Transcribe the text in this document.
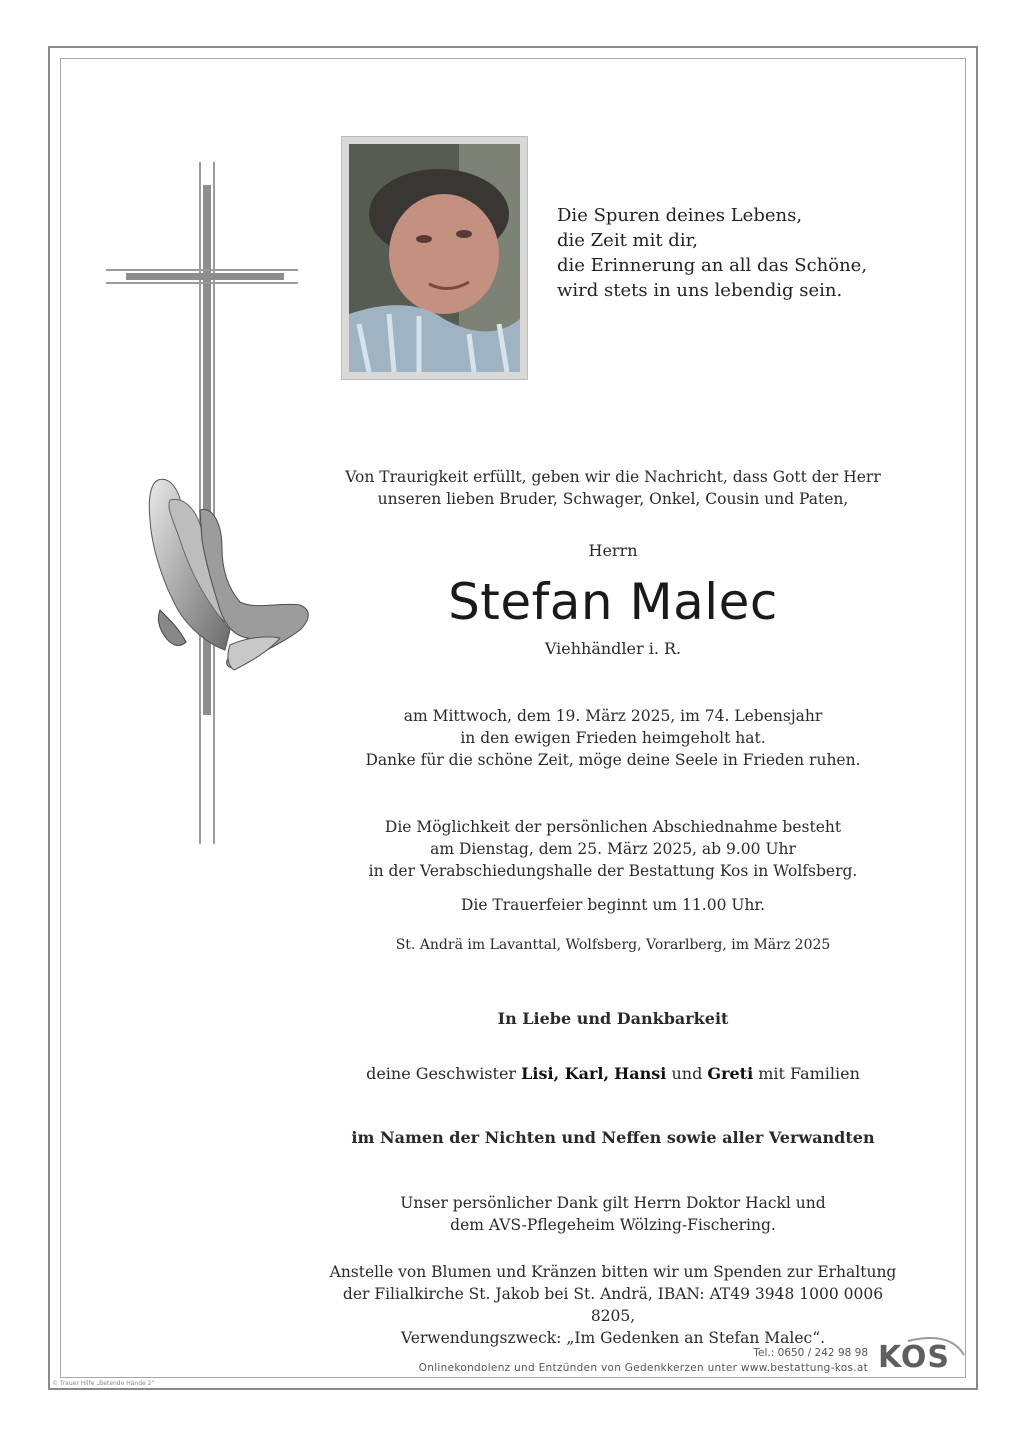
Die Spuren deines Lebens,
die Zeit mit dir,
die Erinnerung an all das Schöne,
wird stets in uns lebendig sein.
Von Traurigkeit erfüllt, geben wir die Nachricht, dass Gott der Herr
unseren lieben Bruder, Schwager, Onkel, Cousin und Paten,
Herrn
Stefan Malec
Viehhändler i. R.
am Mittwoch, dem 19. März 2025, im 74. Lebensjahr
in den ewigen Frieden heimgeholt hat.
Danke für die schöne Zeit, möge deine Seele in Frieden ruhen.
Die Möglichkeit der persönlichen Abschiednahme besteht
am Dienstag, dem 25. März 2025, ab 9.00 Uhr
in der Verabschiedungshalle der Bestattung Kos in Wolfsberg.
Die Trauerfeier beginnt um 11.00 Uhr.
St. Andrä im Lavanttal, Wolfsberg, Vorarlberg, im März 2025
In Liebe und Dankbarkeit
deine Geschwister Lisi, Karl, Hansi und Greti mit Familien
im Namen der Nichten und Neffen sowie aller Verwandten
Unser persönlicher Dank gilt Herrn Doktor Hackl und
dem AVS-Pflegeheim Wölzing-Fischering.
Anstelle von Blumen und Kränzen bitten wir um Spenden zur Erhaltung
der Filialkirche St. Jakob bei St. Andrä, IBAN: AT49 3948 1000 0006 8205,
Verwendungszweck: „Im Gedenken an Stefan Malec“.
Tel.: 0650 / 242 98 98
Onlinekondolenz und Entzünden von Gedenkkerzen unter www.bestattung-kos.at KOS
© Trauer Hilfe „Betende Hände 2“
